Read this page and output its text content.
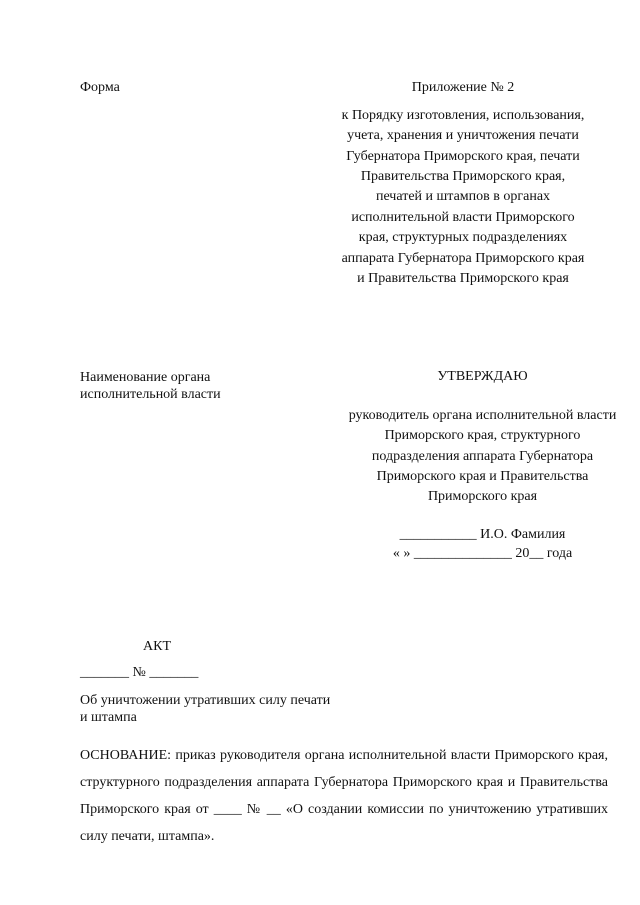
Форма	Приложение № 2
к Порядку изготовления, использования, учета, хранения и уничтожения печати Губернатора Приморского края, печати Правительства Приморского края, печатей и штампов в органах исполнительной власти Приморского края, структурных подразделениях аппарата Губернатора Приморского края и Правительства Приморского края
Наименование органа исполнительной власти
УТВЕРЖДАЮ
руководитель органа исполнительной власти Приморского края, структурного подразделения аппарата Губернатора Приморского края и Правительства Приморского края
___________ И.О. Фамилия
« » ______________ 20__ года
АКТ
_______ № _______
Об уничтожении утративших силу печати и штампа
ОСНОВАНИЕ: приказ руководителя органа исполнительной власти Приморского края, структурного подразделения аппарата Губернатора Приморского края и Правительства Приморского края от ____ № __ «О создании комиссии по уничтожению утративших силу печати, штампа».
